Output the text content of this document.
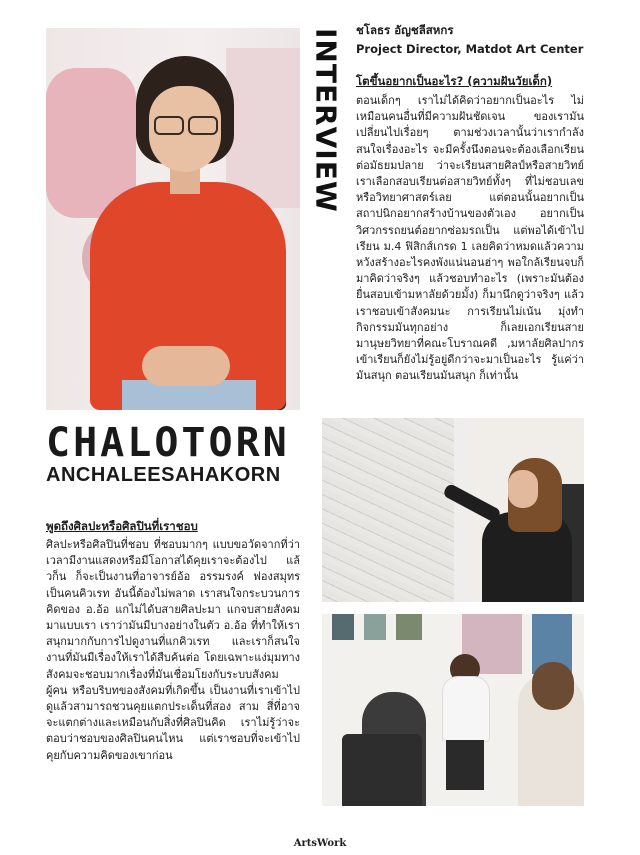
INTERVIEW ชโลธร อัญชลีสหกร
Project Director, Matdot Art Center
โตขึ้นอยากเป็นอะไร? (ความฝันวัยเด็ก)

ตอนเด็กๆ เราไม่ได้คิดว่าอยากเป็นอะไร ไม่เหมือนคนอื่นที่มีความฝันชัดเจน ของเรามันเปลี่ยนไปเรื่อยๆ ตามช่วงเวลานั้นว่าเรากำลังสนใจเรื่องอะไร จะมีครั้งนึงตอนจะต้องเลือกเรียนต่อมัธยมปลาย ว่าจะเรียนสายศิลป์หรือสายวิทย์ เราเลือกสอบเรียนต่อสายวิทย์ทั้งๆ ที่ไม่ชอบเลขหรือวิทยาศาสตร์เลย แต่ตอนนั้นอยากเป็นสถาปนิกอยากสร้างบ้านของตัวเอง อยากเป็นวิศวกรรถยนต์อยากซ่อมรถเป็น แต่พอได้เข้าไปเรียน ม.4 ฟิสิกส์เกรด 1 เลยคิดว่าหมดแล้วความหวังสร้างอะไรคงพังแน่นอนฮ่าๆ พอใกล้เรียนจบก็มาคิดว่าจริงๆ แล้วชอบทำอะไร (เพราะมันต้องยื่นสอบเข้ามหาลัยด้วยมั้ง) ก็มานึกดูว่าจริงๆ แล้วเราชอบเข้าสังคมนะ การเรียนไม่เน้น มุ่งทำกิจกรรมมันทุกอย่าง ก็เลยเอกเรียนสายมานุษยวิทยาที่คณะโบราณคดี ,มหาลัยศิลปากร เข้าเรียนก็ยังไม่รู้อยู่ดีกว่าจะมาเป็นอะไร รู้แค่ว่ามันสนุก ตอนเรียนมันสนุก ก็เท่านั้น

CHALOTORN
ANCHALEESAHAKORN
พูดถึงศิลปะหรือศิลปินที่เราชอบ

ศิลปะหรือศิลปินที่ชอบ ที่ชอบมากๆ แบบขอวัดจากที่ว่าเวลามีงานแสดงหรือมีโอกาสได้คุยเราจะต้องไป แล้วก็น ก็จะเป็นงานที่อาจารย์อ้อ อรรมรงค์ ฟองสมุทร เป็นคนคิวเรท อันนี้ต้องไม่พลาด เราสนใจกระบวนการคิดของ อ.อ้อ แกไม่ได้บสายศิลปะมา แกจบสายสังคมมาแบบเรา เราว่ามันมีบางอย่างในตัว อ.อ้อ ที่ทำให้เราสนุกมากกับการไปดูงานที่แกคิวเรท และเราก็สนใจงานที่มันมีเรื่องให้เราได้สืบค้นต่อ โดยเฉพาะแง่มุมทางสังคมจะชอบมากเรื่องที่มันเชื่อมโยงกับระบบสังคม ผู้คน หรือบริบทของสังคมที่เกิดขึ้น เป็นงานที่เราเข้าไปดูแล้วสามารถชวนคุยแตกประเด็นที่สอง สาม สี่ที่อาจจะแตกต่างและเหมือนกับสิ่งที่ศิลปินคิด เราไม่รู้ว่าจะตอบว่าชอบของศิลปินคนไหน แต่เราชอบที่จะเข้าไปคุยกับความคิดของเขาก่อน

ArtsWork
